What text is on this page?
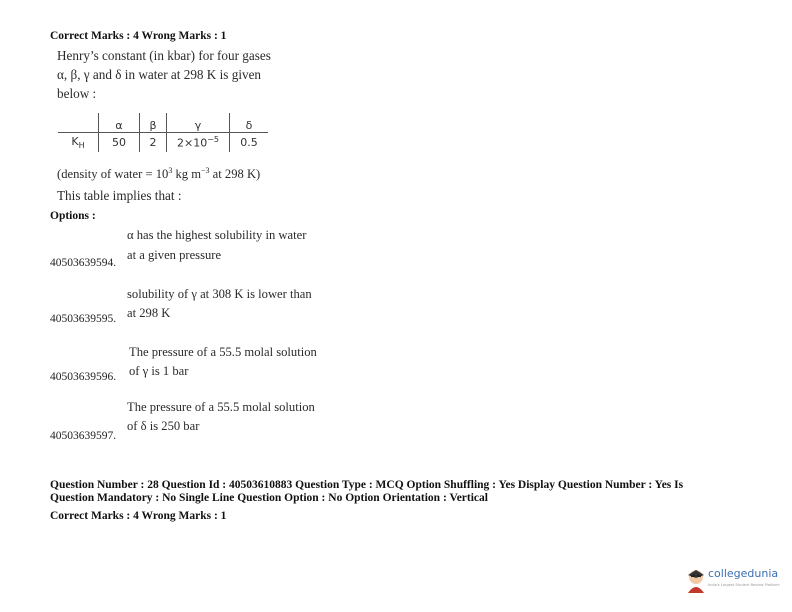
Correct Marks : 4 Wrong Marks : 1
Henry’s constant (in kbar) for four gases
α, β, γ and δ in water at 298 K is given
below :
	α	β	γ	δ
$K_H$	50	2	$2\times 10^{-5}$	0.5
(density of water = $10^3$ kg $m^{-3}$ at 298 K)
This table implies that :
Options :
α has the highest solubility in water
at a given pressure
40503639594.
solubility of γ at 308 K is lower than
at 298 K
40503639595.
The pressure of a 55.5 molal solution
of γ is 1 bar
40503639596.
The pressure of a 55.5 molal solution
of δ is 250 bar
40503639597.
Question Number : 28 Question Id : 40503610883 Question Type : MCQ Option Shuffling : Yes Display Question Number : Yes Is
Question Mandatory : No Single Line Question Option : No Option Orientation : Vertical
Correct Marks : 4 Wrong Marks : 1
collegedunia
India's Largest Student Review Platform
